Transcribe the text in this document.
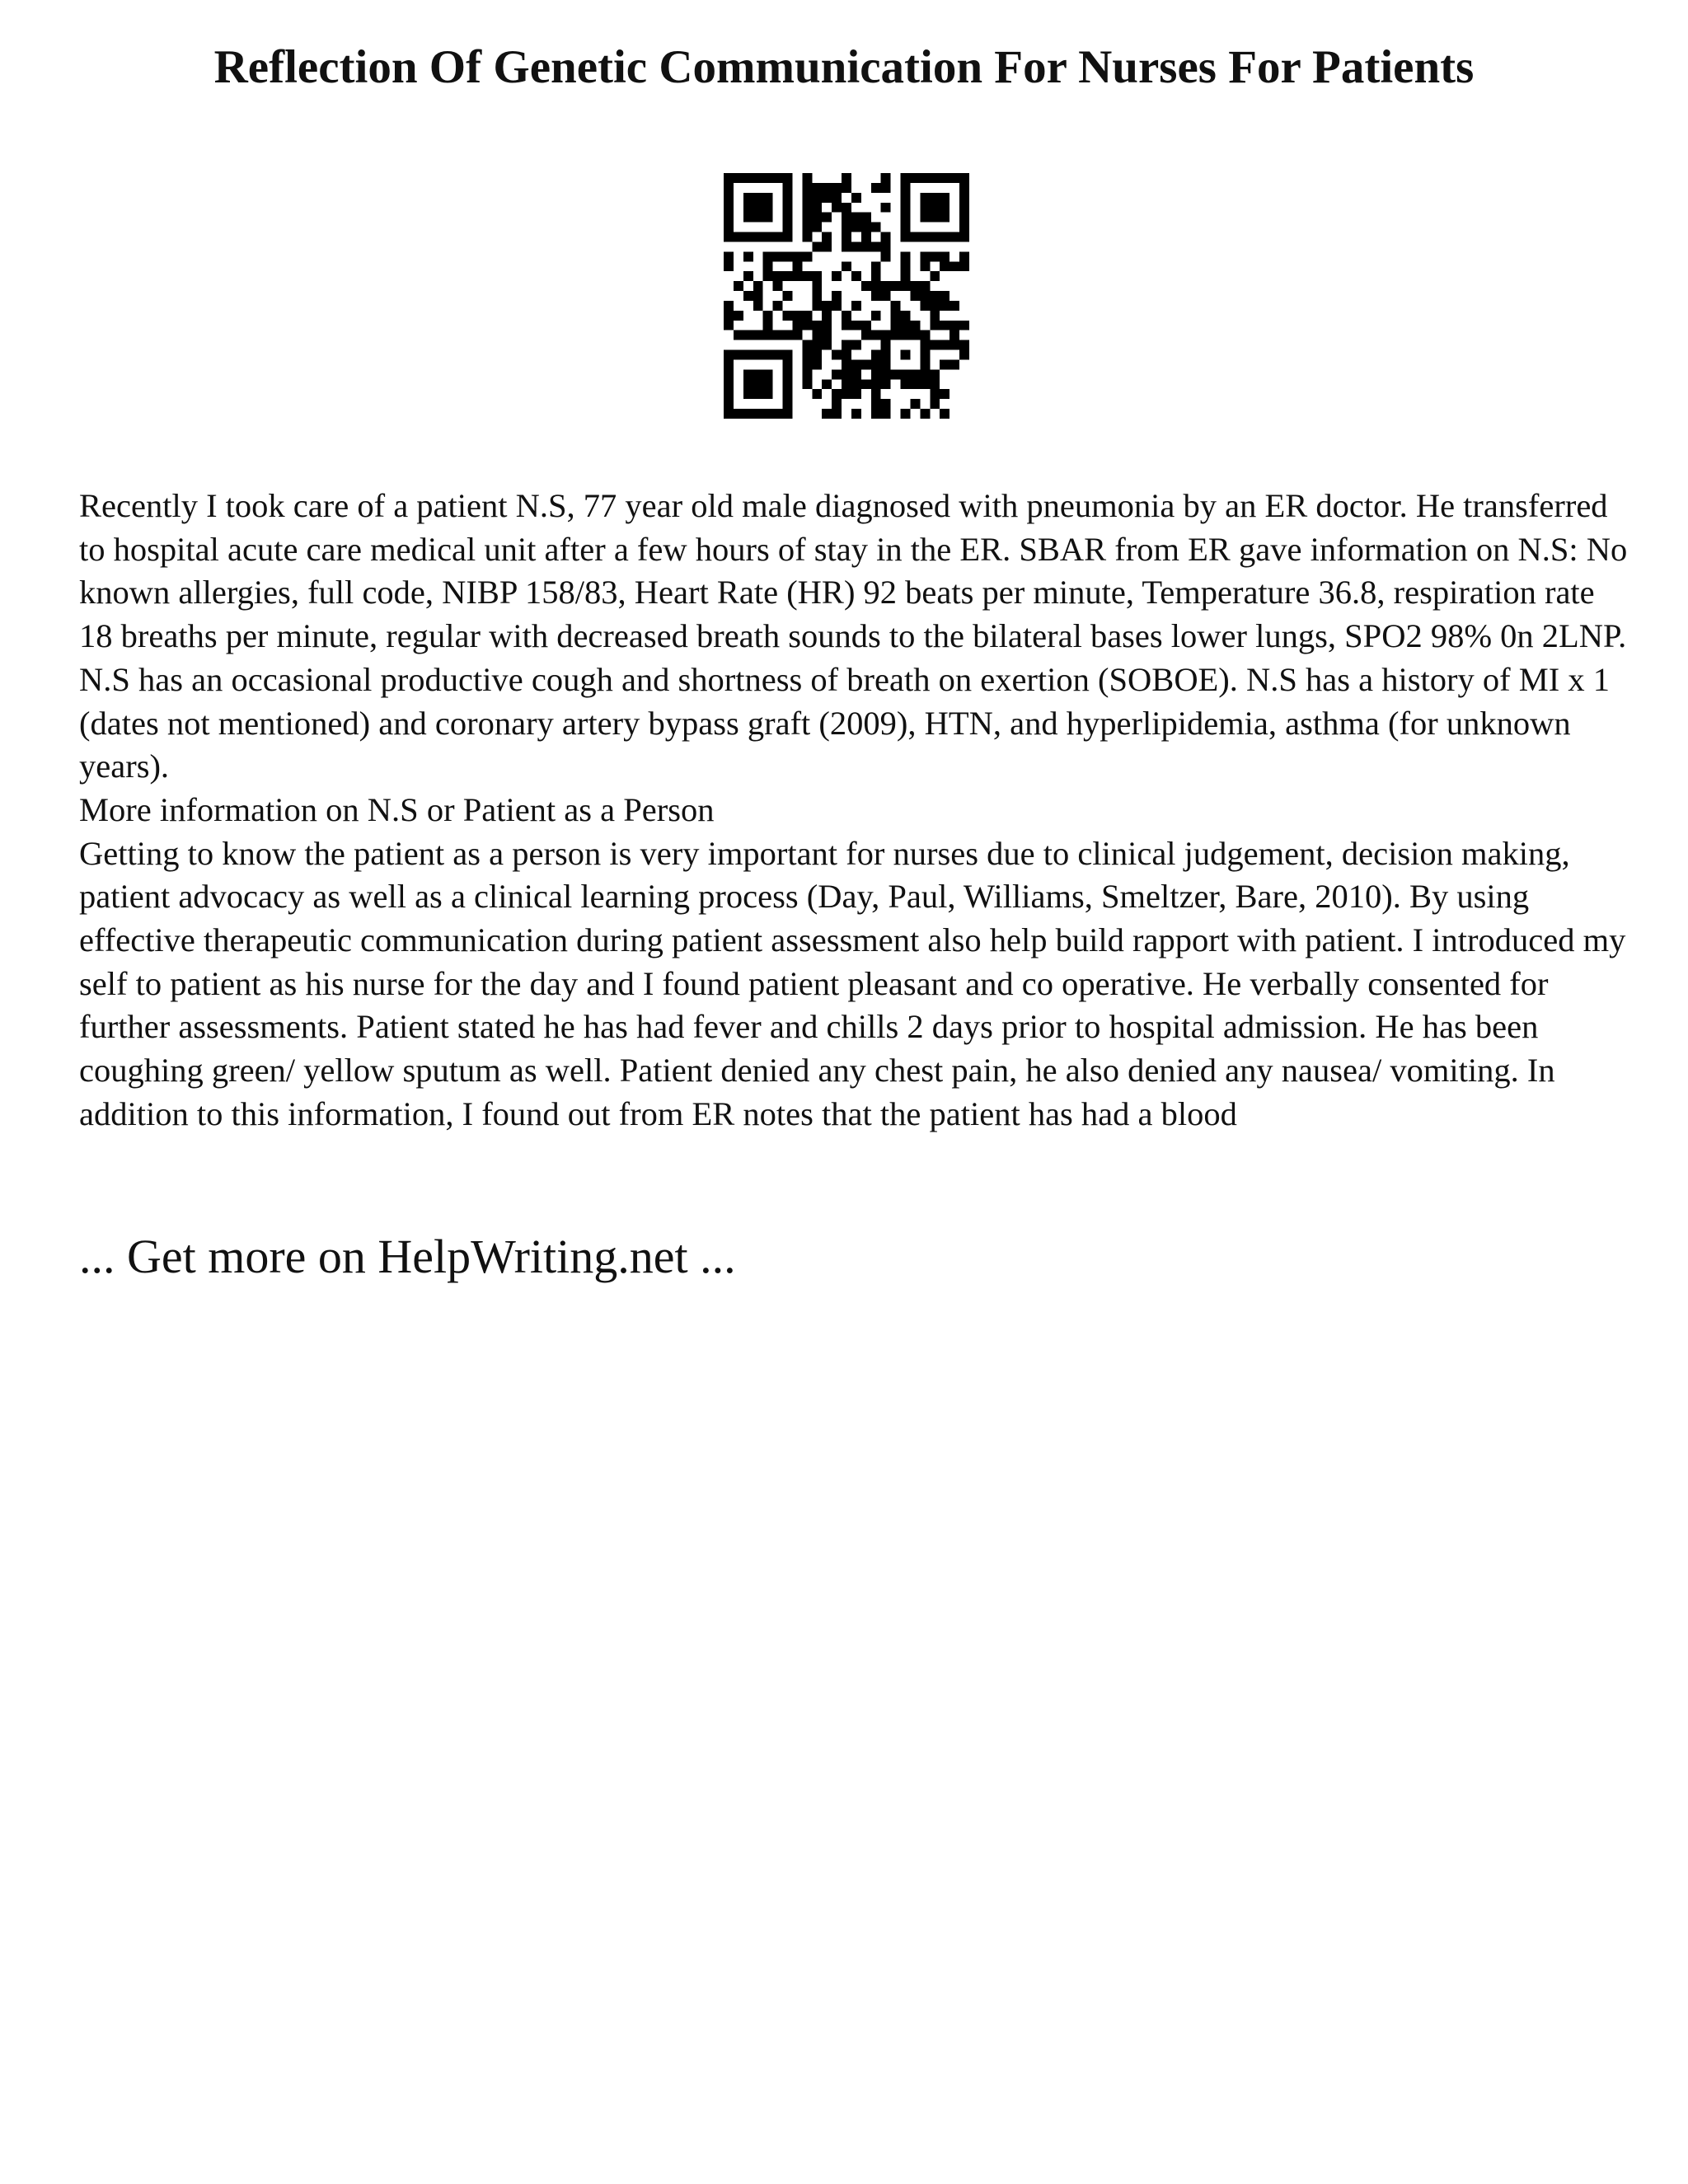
Reflection Of Genetic Communication For Nurses For Patients

Recently I took care of a patient N.S, 77 year old male diagnosed with pneumonia by an ER doctor. He transferred to hospital acute care medical unit after a few hours of stay in the ER. SBAR from ER gave information on N.S: No known allergies, full code, NIBP 158/83, Heart Rate (HR) 92 beats per minute, Temperature 36.8, respiration rate 18 breaths per minute, regular with decreased breath sounds to the bilateral bases lower lungs, SPO2 98% 0n 2LNP. N.S has an occasional productive cough and shortness of breath on exertion (SOBOE). N.S has a history of MI x 1 (dates not mentioned) and coronary artery bypass graft (2009), HTN, and hyperlipidemia, asthma (for unknown years).

More information on N.S or Patient as a Person

Getting to know the patient as a person is very important for nurses due to clinical judgement, decision making, patient advocacy as well as a clinical learning process (Day, Paul, Williams, Smeltzer, Bare, 2010). By using effective therapeutic communication during patient assessment also help build rapport with patient. I introduced my self to patient as his nurse for the day and I found patient pleasant and co operative. He verbally consented for further assessments. Patient stated he has had fever and chills 2 days prior to hospital admission. He has been coughing green/ yellow sputum as well. Patient denied any chest pain, he also denied any nausea/ vomiting. In addition to this information, I found out from ER notes that the patient has had a blood

... Get more on HelpWriting.net ...
